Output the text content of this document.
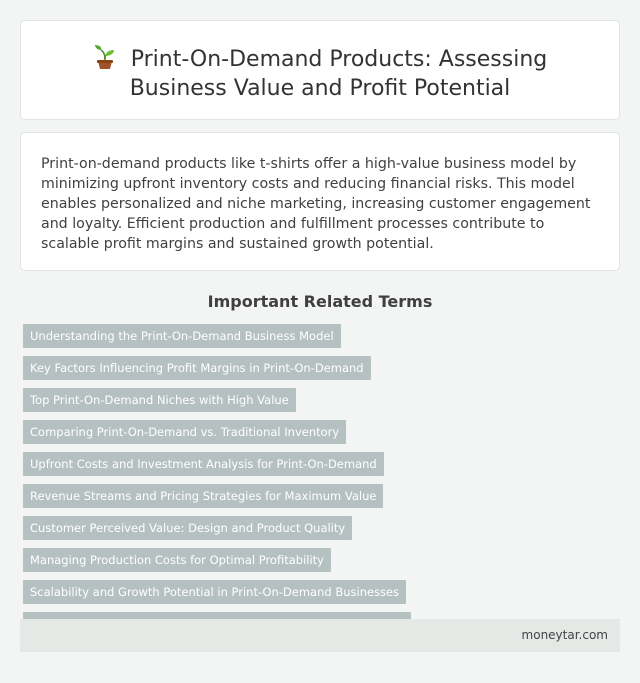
Print-On-Demand Products: Assessing Business Value and Profit Potential

Print-on-demand products like t-shirts offer a high-value business model by minimizing upfront inventory costs and reducing financial risks. This model enables personalized and niche marketing, increasing customer engagement and loyalty. Efficient production and fulfillment processes contribute to scalable profit margins and sustained growth potential.

Important Related Terms
Understanding the Print-On-Demand Business Model
Key Factors Influencing Profit Margins in Print-On-Demand
Top Print-On-Demand Niches with High Value
Comparing Print-On-Demand vs. Traditional Inventory
Upfront Costs and Investment Analysis for Print-On-Demand
Revenue Streams and Pricing Strategies for Maximum Value
Customer Perceived Value: Design and Product Quality
Managing Production Costs for Optimal Profitability
Scalability and Growth Potential in Print-On-Demand Businesses
moneytar.com
